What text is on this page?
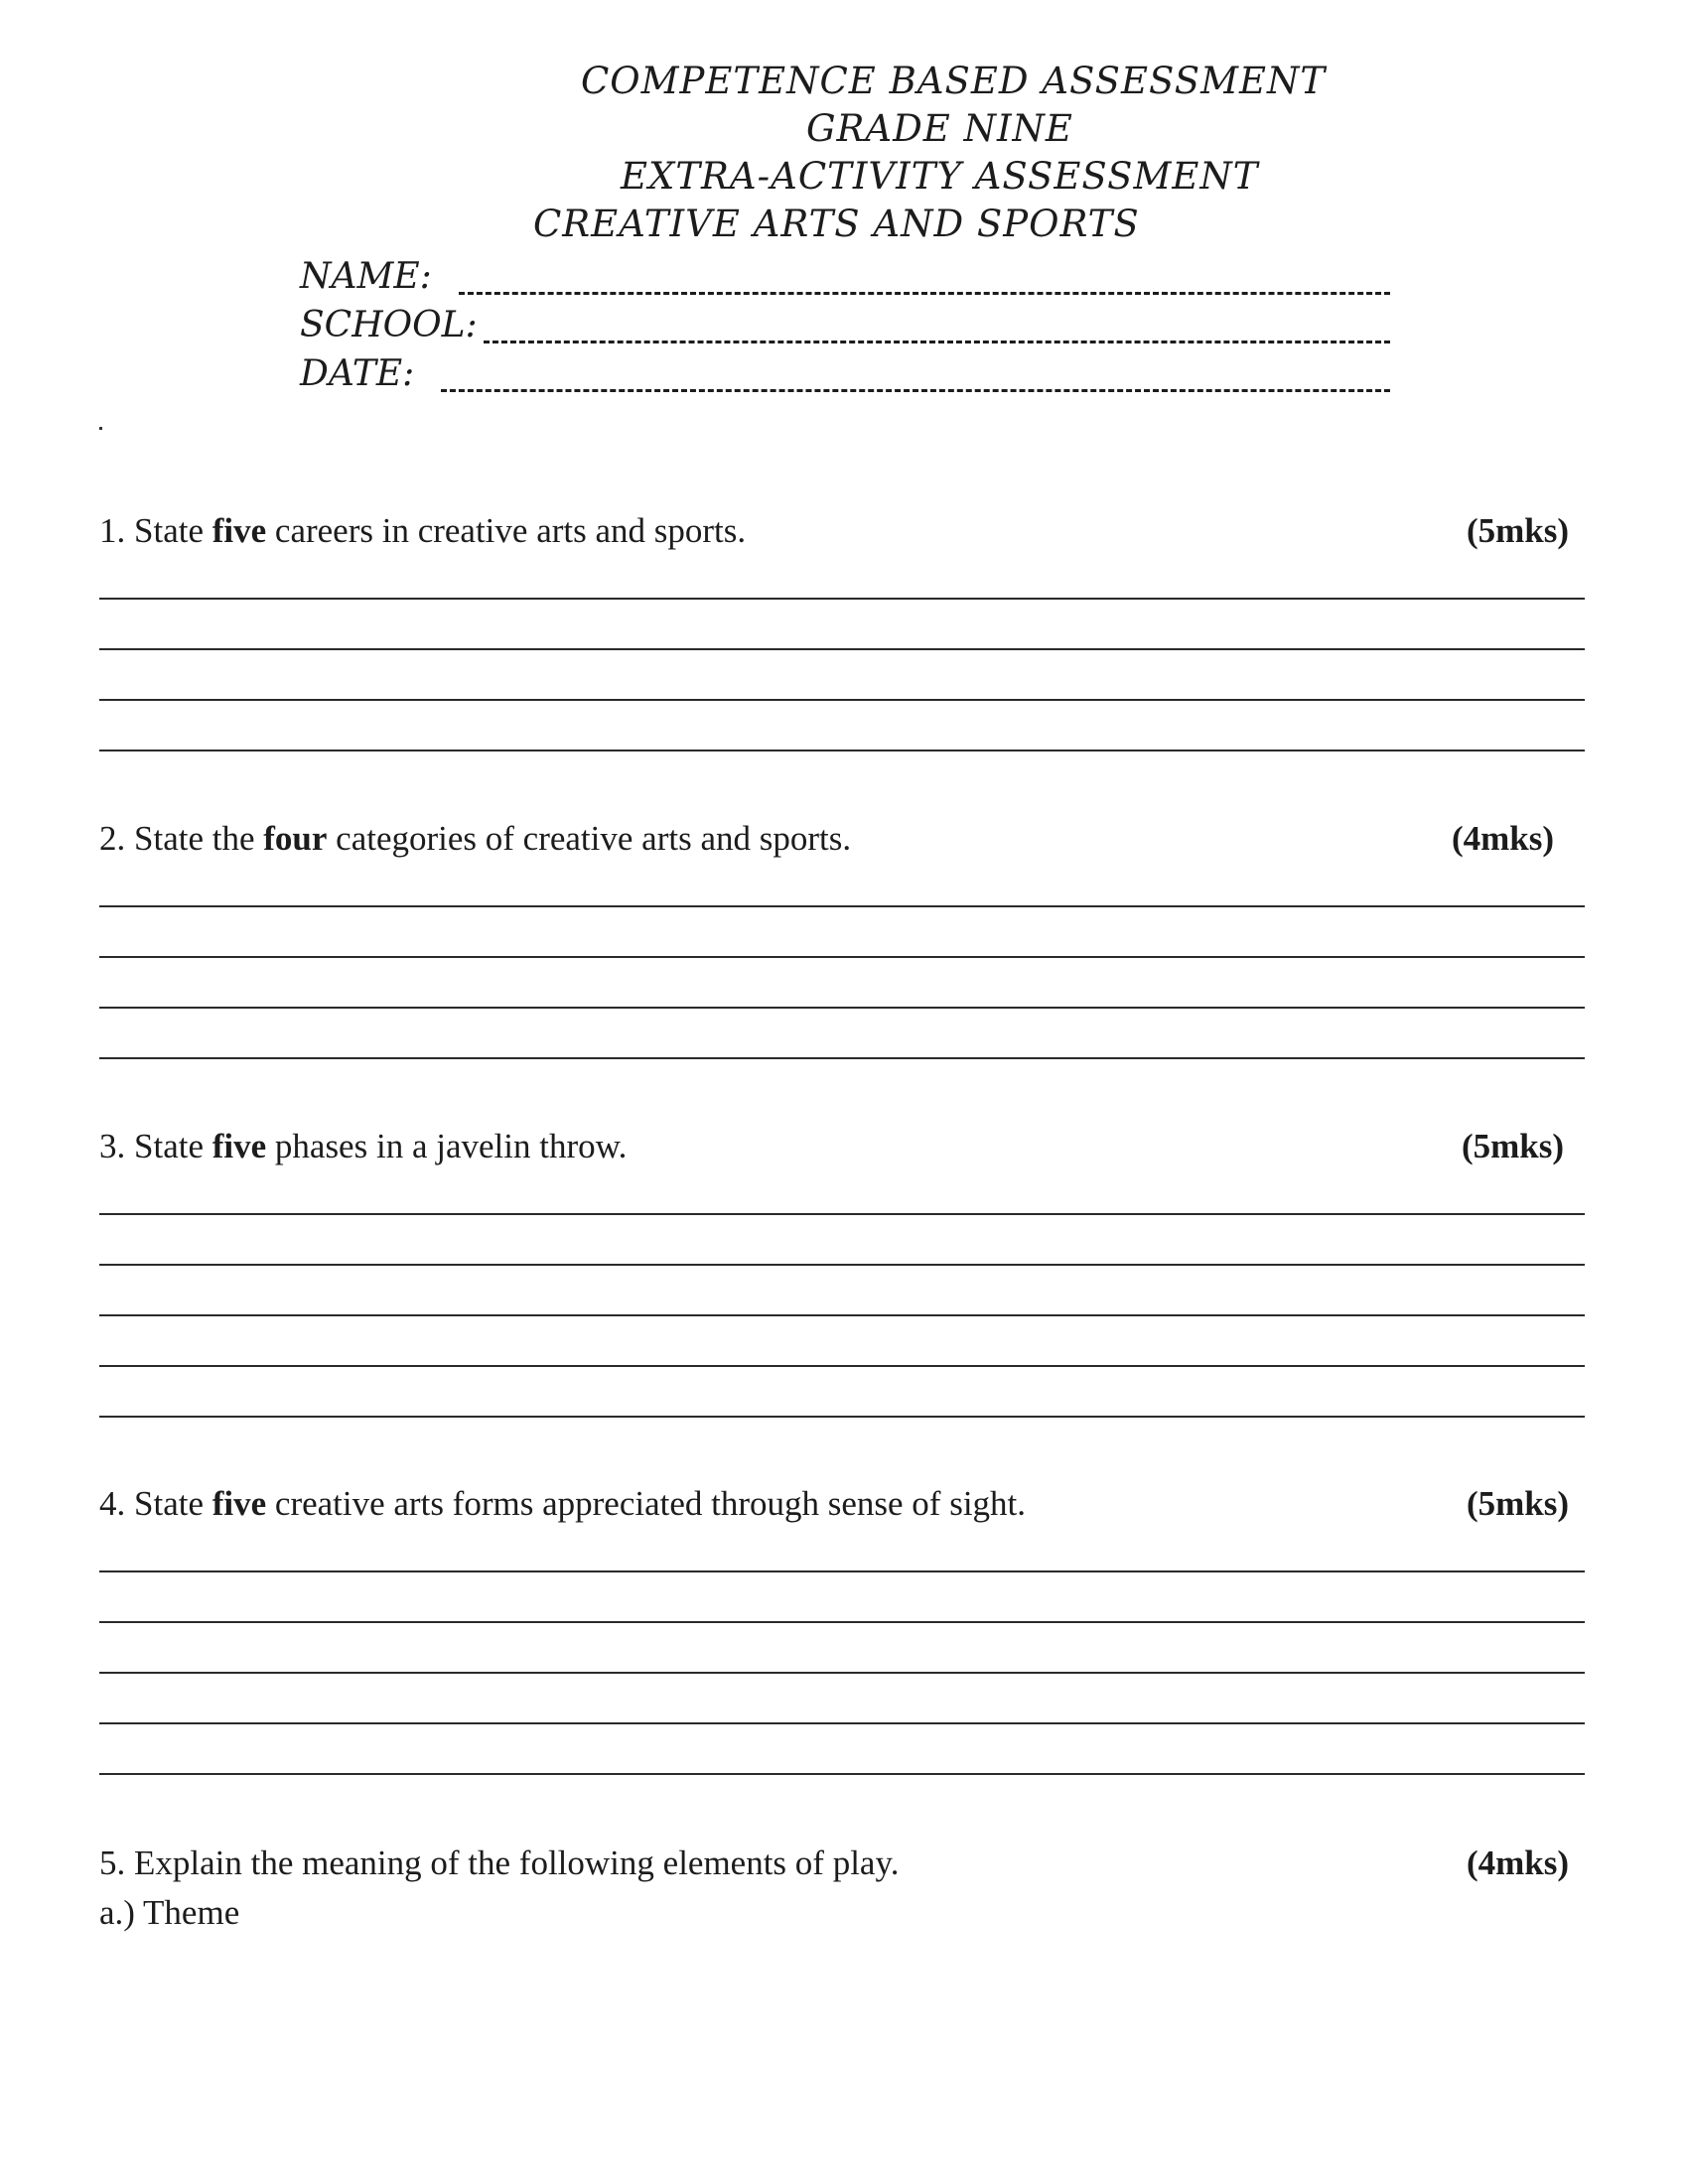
COMPETENCE BASED ASSESSMENT
GRADE NINE
EXTRA-ACTIVITY ASSESSMENT
CREATIVE ARTS AND SPORTS
NAME:
SCHOOL:
DATE:
1. State five careers in creative arts and sports.	(5mks)
2. State the four categories of creative arts and sports.	(4mks)
3. State five phases in a javelin throw.	(5mks)
4. State five creative arts forms appreciated through sense of sight.	(5mks)
5. Explain the meaning of the following elements of play.	(4mks)
a.) Theme
